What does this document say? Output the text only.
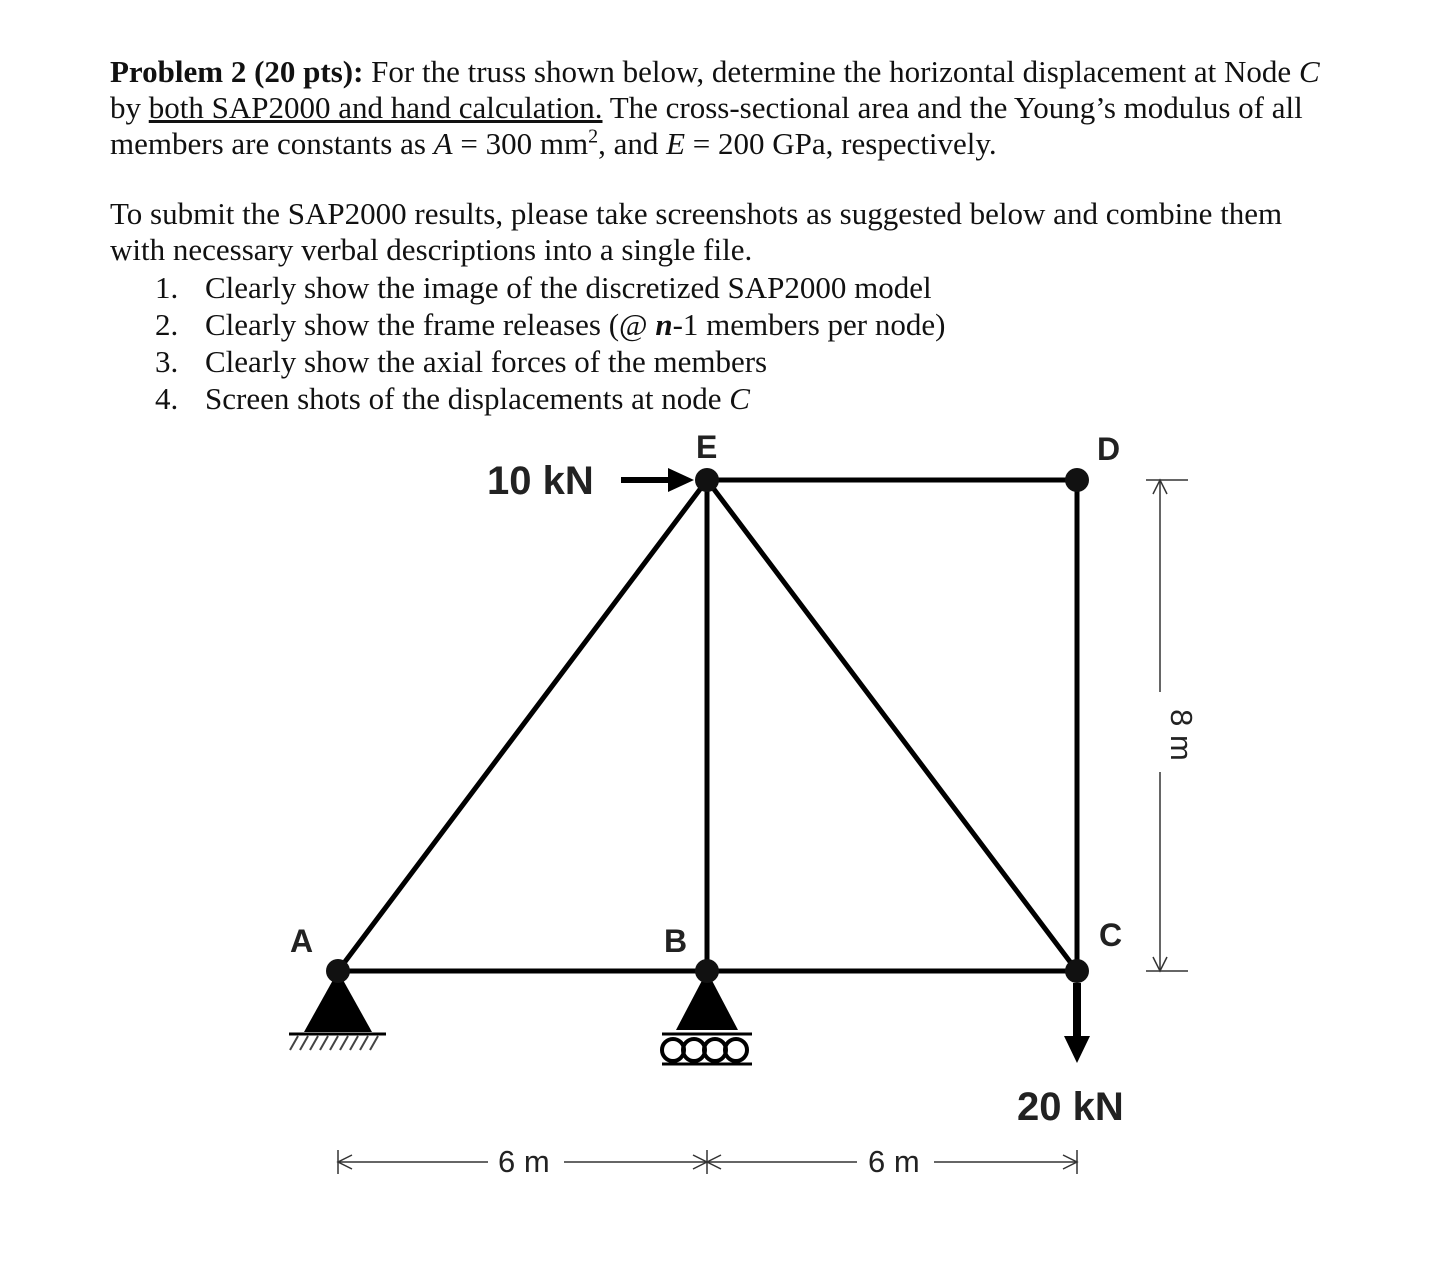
Problem 2 (20 pts): For the truss shown below, determine the horizontal displacement at Node C
by both SAP2000 and hand calculation. The cross-sectional area and the Young’s modulus of all
members are constants as A = 300 $mm^2$, and E = 200 GPa, respectively.
To submit the SAP2000 results, please take screenshots as suggested below and combine them
with necessary verbal descriptions into a single file.
1. Clearly show the image of the discretized SAP2000 model
2. Clearly show the frame releases (@ n-1 members per node)
3. Clearly show the axial forces of the members
4. Screen shots of the displacements at node C
A	B	C
D
E
10 kN
20 kN
6 m	6 m
8 m
